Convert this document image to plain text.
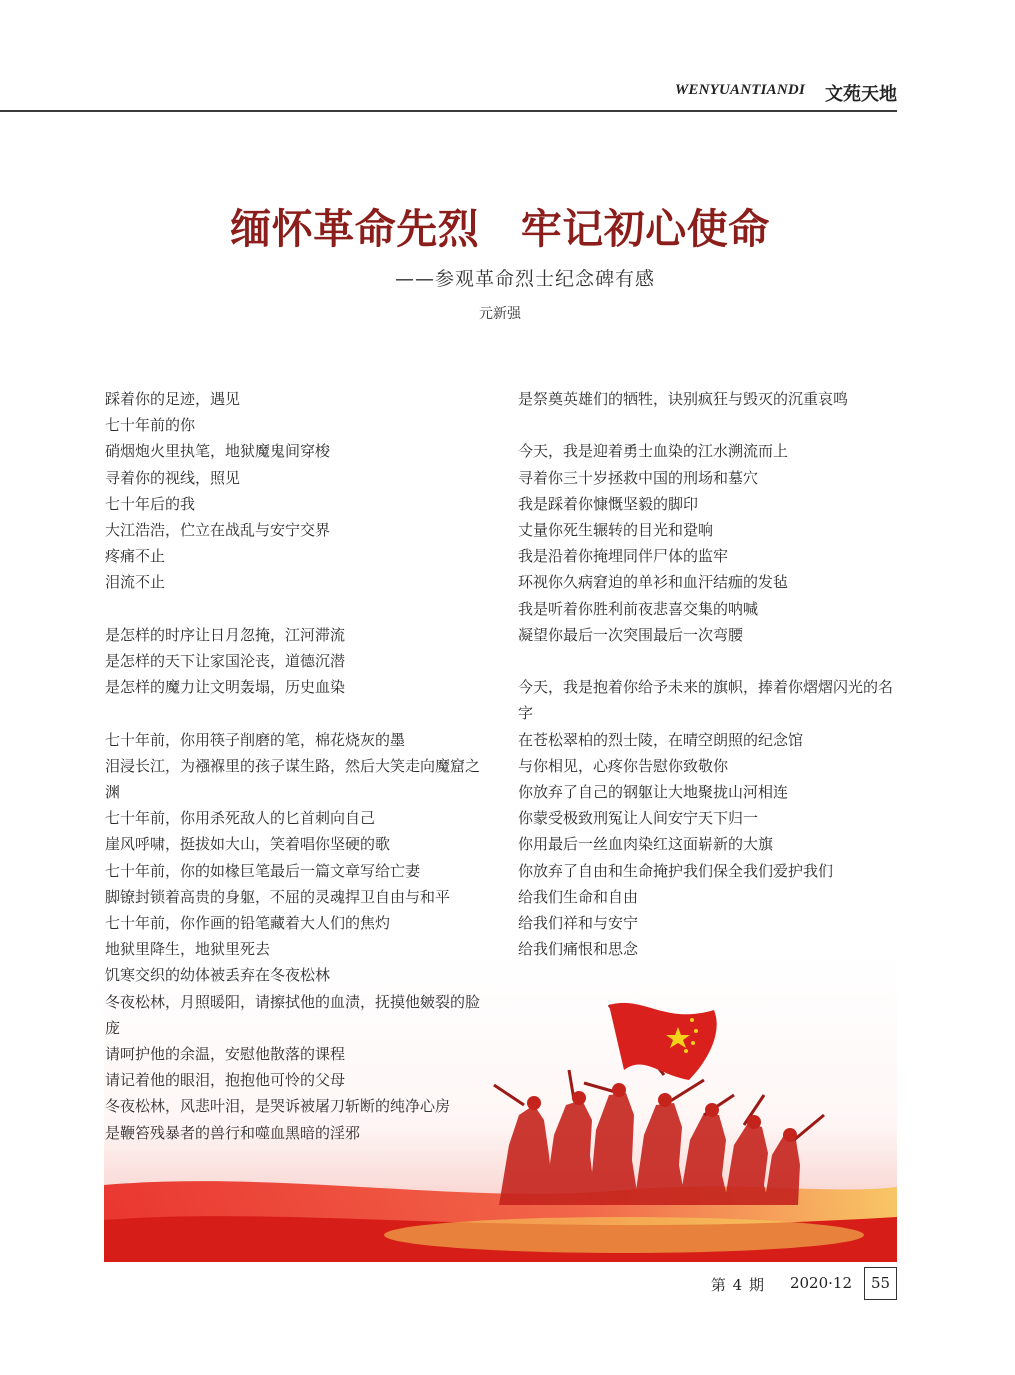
WENYUANTIANDI 文苑天地
缅怀革命先烈　牢记初心使命
——参观革命烈士纪念碑有感
元新强
踩着你的足迹，遇见
七十年前的你
硝烟炮火里执笔，地狱魔鬼间穿梭
寻着你的视线，照见
七十年后的我
大江浩浩，伫立在战乱与安宁交界
疼痛不止
泪流不止
是怎样的时序让日月忽掩，江河滞流
是怎样的天下让家国沦丧，道德沉潜
是怎样的魔力让文明轰塌，历史血染
七十年前，你用筷子削磨的笔，棉花烧灰的墨
泪浸长江，为襁褓里的孩子谋生路，然后大笑走向魔窟之渊
七十年前，你用杀死敌人的匕首刺向自己
崖风呼啸，挺拔如大山，笑着唱你坚硬的歌
七十年前，你的如椽巨笔最后一篇文章写给亡妻
脚镣封锁着高贵的身躯，不屈的灵魂捍卫自由与和平
七十年前，你作画的铅笔藏着大人们的焦灼
地狱里降生，地狱里死去
饥寒交织的幼体被丢弃在冬夜松林
冬夜松林，月照暖阳，请擦拭他的血渍，抚摸他皴裂的脸庞
请呵护他的余温，安慰他散落的课程
请记着他的眼泪，抱抱他可怜的父母
冬夜松林，风悲叶泪，是哭诉被屠刀斩断的纯净心房
是鞭笞残暴者的兽行和噬血黑暗的淫邪
是祭奠英雄们的牺牲，诀别疯狂与毁灭的沉重哀鸣
今天，我是迎着勇士血染的江水溯流而上
寻着你三十岁拯救中国的刑场和墓穴
我是踩着你慷慨坚毅的脚印
丈量你死生辗转的目光和跫响
我是沿着你掩埋同伴尸体的监牢
环视你久病窘迫的单衫和血汗结痂的发毡
我是听着你胜利前夜悲喜交集的呐喊
凝望你最后一次突围最后一次弯腰
今天，我是抱着你给予未来的旗帜，捧着你熠熠闪光的名字
在苍松翠柏的烈士陵，在晴空朗照的纪念馆
与你相见，心疼你告慰你致敬你
你放弃了自己的钢躯让大地聚拢山河相连
你蒙受极致刑冤让人间安宁天下归一
你用最后一丝血肉染红这面崭新的大旗
你放弃了自由和生命掩护我们保全我们爱护我们
给我们生命和自由
给我们祥和与安宁
给我们痛恨和思念
第 4 期 2020·12	55
